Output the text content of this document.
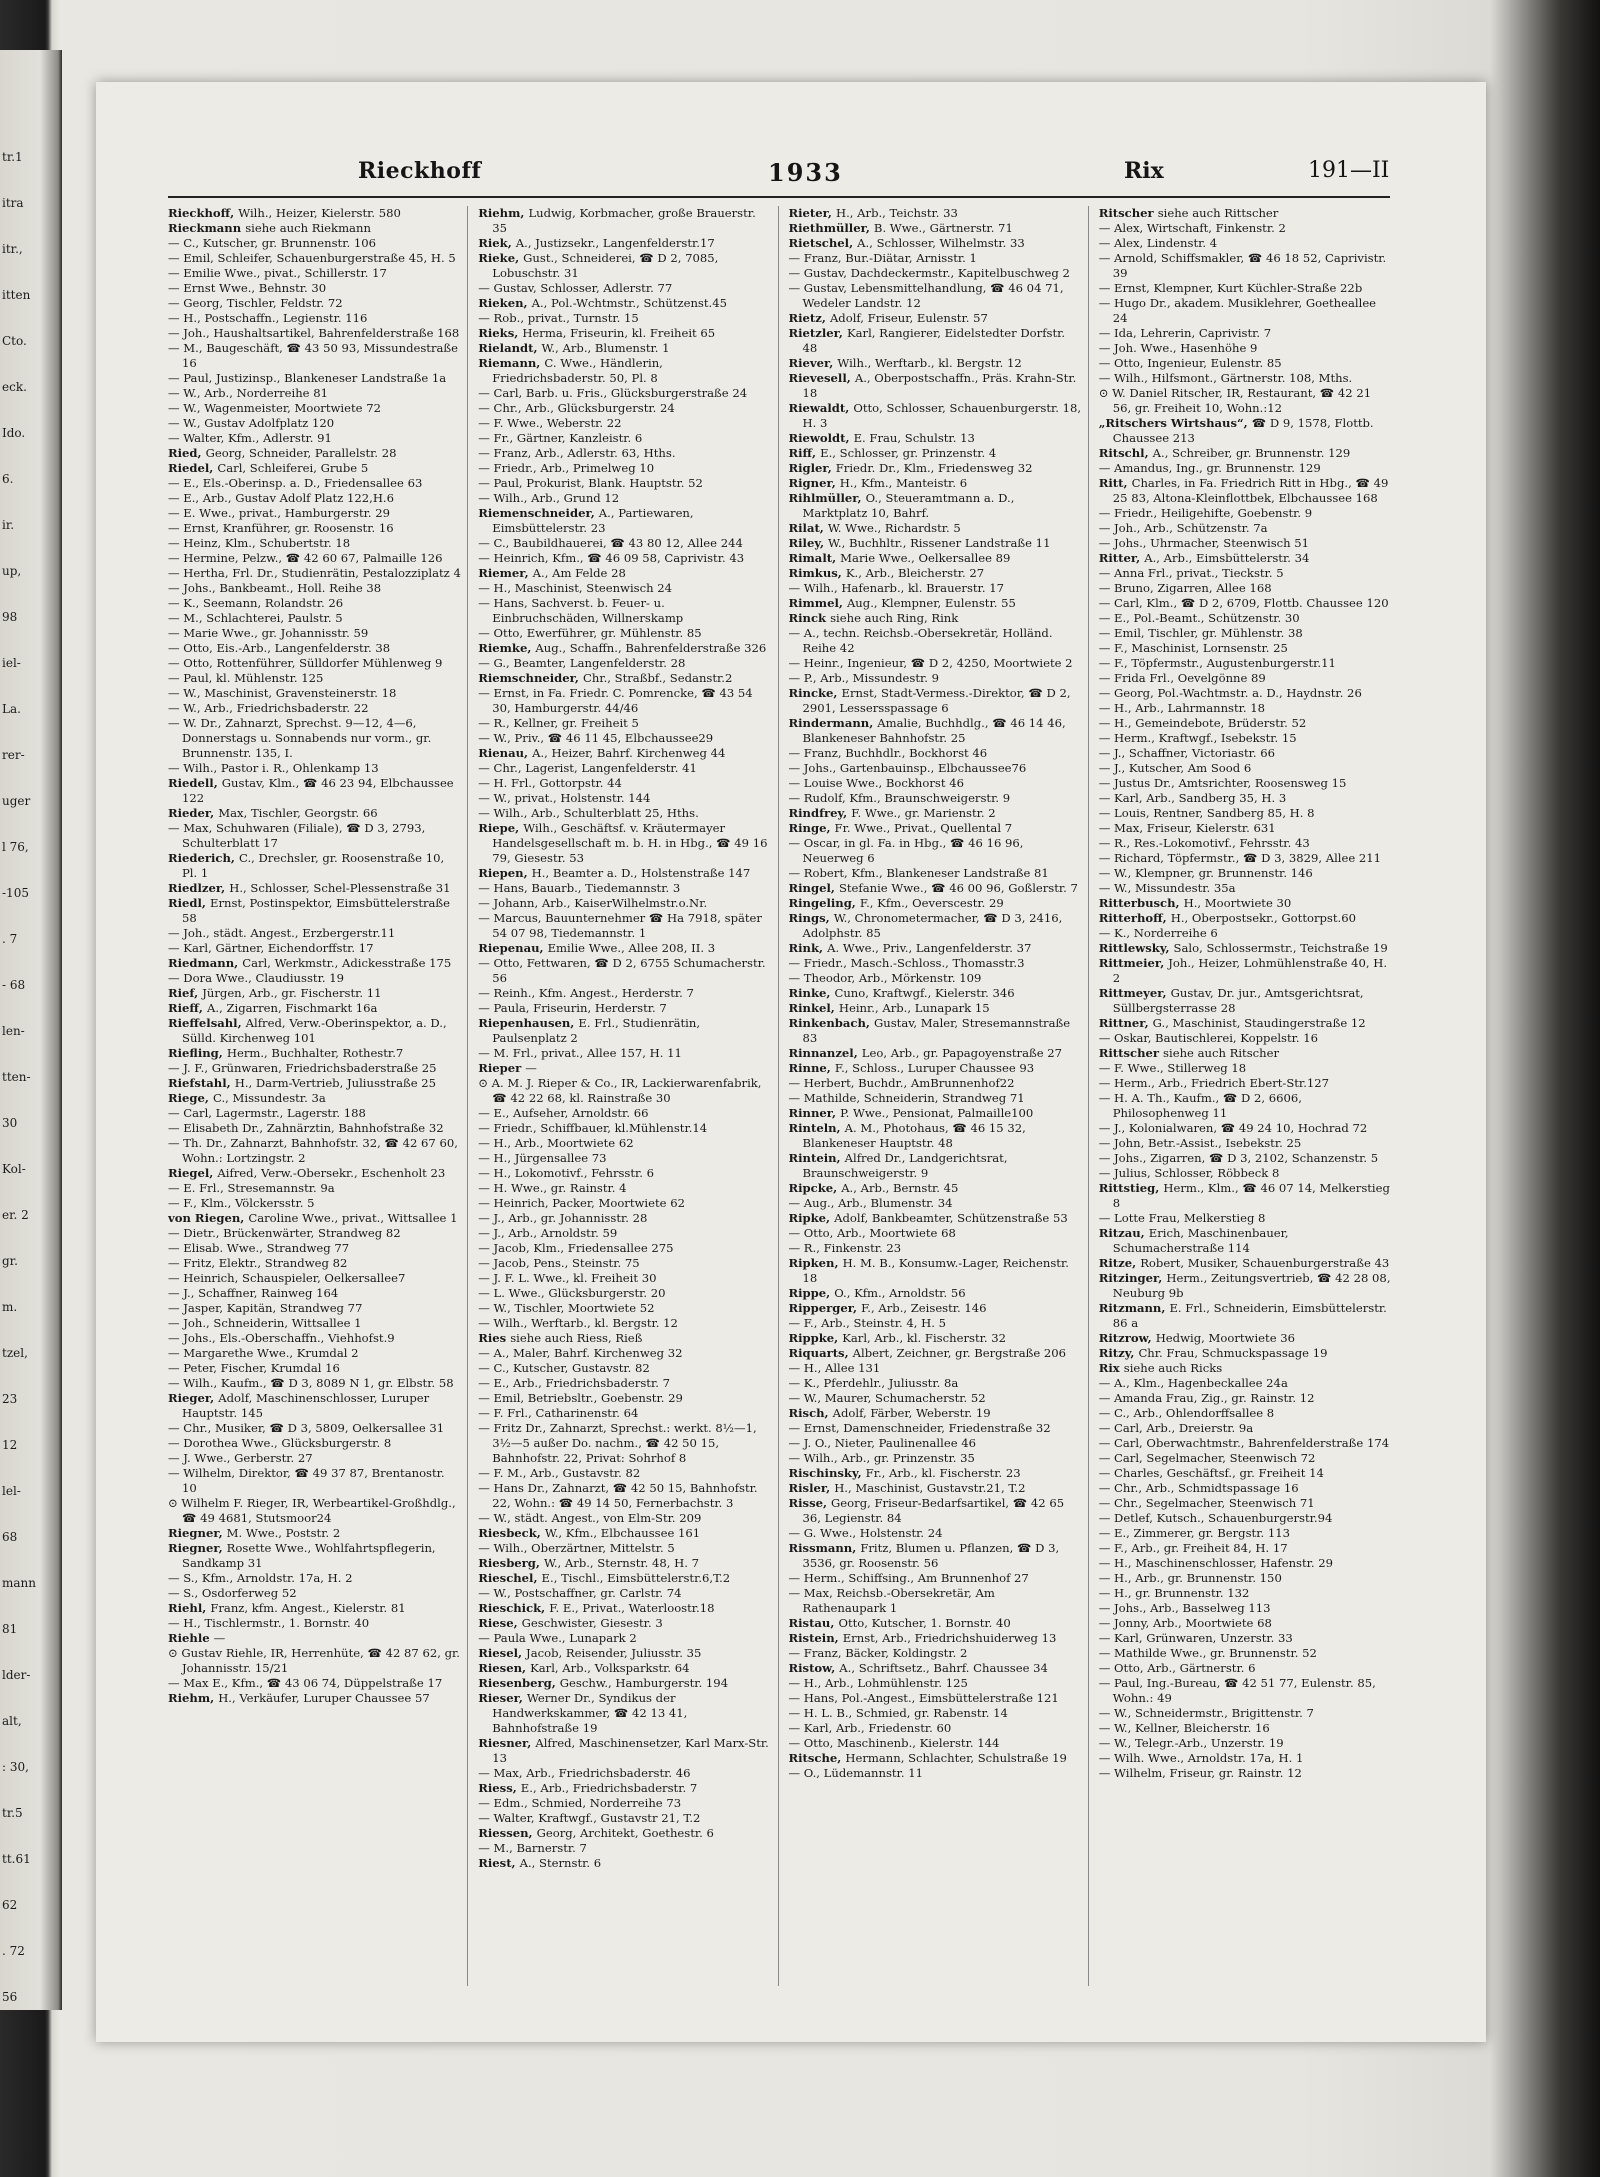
tr.1
itra
itr.,
itten
Cto.
eck.
Ido.
6.
ir.
up,
98
iel-
La.
rer-
uger
l 76,
-105
. 7
- 68
len-
tten-
30
Kol-
er. 2
gr.
m.
tzel,
23
12
lel-
68
mann
81
lder-
alt,
: 30,
tr.5
tt.61
62
. 72
56
Rieckhoff	1933	Rix	191—II

Rieckhoff, Wilh., Heizer, Kielerstr. 580

Rieckmann siehe auch Riekmann

— C., Kutscher, gr. Brunnenstr. 106

— Emil, Schleifer, Schauenburgerstraße 45, H. 5

— Emilie Wwe., pivat., Schillerstr. 17

— Ernst Wwe., Behnstr. 30

— Georg, Tischler, Feldstr. 72

— H., Postschaffn., Legienstr. 116

— Joh., Haushaltsartikel, Bahrenfelderstraße 168

— M., Baugeschäft, ☎ 43 50 93, Missundestraße 16

— Paul, Justizinsp., Blankeneser Landstraße 1a

— W., Arb., Norderreihe 81

— W., Wagenmeister, Moortwiete 72

— W., Gustav Adolfplatz 120

— Walter, Kfm., Adlerstr. 91

Ried, Georg, Schneider, Parallelstr. 28

Riedel, Carl, Schleiferei, Grube 5

— E., Els.-Oberinsp. a. D., Friedensallee 63

— E., Arb., Gustav Adolf Platz 122,H.6

— E. Wwe., privat., Hamburgerstr. 29

— Ernst, Kranführer, gr. Roosenstr. 16

— Heinz, Klm., Schubertstr. 18

— Hermine, Pelzw., ☎ 42 60 67, Palmaille 126

— Hertha, Frl. Dr., Studienrätin, Pestalozziplatz 4

— Johs., Bankbeamt., Holl. Reihe 38

— K., Seemann, Rolandstr. 26

— M., Schlachterei, Paulstr. 5

— Marie Wwe., gr. Johannisstr. 59

— Otto, Eis.-Arb., Langenfelderstr. 38

— Otto, Rottenführer, Sülldorfer Mühlenweg 9

— Paul, kl. Mühlenstr. 125

— W., Maschinist, Gravensteinerstr. 18

— W., Arb., Friedrichsbaderstr. 22

— W. Dr., Zahnarzt, Sprechst. 9—12, 4—6, Donnerstags u. Sonnabends nur vorm., gr. Brunnenstr. 135, I.

— Wilh., Pastor i. R., Ohlenkamp 13

Riedell, Gustav, Klm., ☎ 46 23 94, Elbchaussee 122

Rieder, Max, Tischler, Georgstr. 66

— Max, Schuhwaren (Filiale), ☎ D 3, 2793, Schulterblatt 17

Riederich, C., Drechsler, gr. Roosenstraße 10, Pl. 1

Riedlzer, H., Schlosser, Schel-Plessenstraße 31

Riedl, Ernst, Postinspektor, Eimsbüttelerstraße 58

— Joh., städt. Angest., Erzbergerstr.11

— Karl, Gärtner, Eichendorffstr. 17

Riedmann, Carl, Werkmstr., Adickesstraße 175

— Dora Wwe., Claudiusstr. 19

Rief, Jürgen, Arb., gr. Fischerstr. 11

Rieff, A., Zigarren, Fischmarkt 16a

Rieffelsahl, Alfred, Verw.-Oberinspektor, a. D., Sülld. Kirchenweg 101

Riefling, Herm., Buchhalter, Rothestr.7

— J. F., Grünwaren, Friedrichsbaderstraße 25

Riefstahl, H., Darm-Vertrieb, Juliusstraße 25

Riege, C., Missundestr. 3a

— Carl, Lagermstr., Lagerstr. 188

— Elisabeth Dr., Zahnärztin, Bahnhofstraße 32

— Th. Dr., Zahnarzt, Bahnhofstr. 32, ☎ 42 67 60, Wohn.: Lortzingstr. 2

Riegel, Aifred, Verw.-Obersekr., Eschenholt 23

— E. Frl., Stresemannstr. 9a

— F., Klm., Völckersstr. 5

von Riegen, Caroline Wwe., privat., Wittsallee 1

— Dietr., Brückenwärter, Strandweg 82

— Elisab. Wwe., Strandweg 77

— Fritz, Elektr., Strandweg 82

— Heinrich, Schauspieler, Oelkersallee7

— J., Schaffner, Rainweg 164

— Jasper, Kapitän, Strandweg 77

— Joh., Schneiderin, Wittsallee 1

— Johs., Els.-Oberschaffn., Viehhofst.9

— Margarethe Wwe., Krumdal 2

— Peter, Fischer, Krumdal 16

— Wilh., Kaufm., ☎ D 3, 8089 N 1, gr. Elbstr. 58

Rieger, Adolf, Maschinenschlosser, Luruper Hauptstr. 145

— Chr., Musiker, ☎ D 3, 5809, Oelkersallee 31

— Dorothea Wwe., Glücksburgerstr. 8

— J. Wwe., Gerberstr. 27

— Wilhelm, Direktor, ☎ 49 37 87, Brentanostr. 10

⊙ Wilhelm F. Rieger, IR, Werbeartikel-Großhdlg., ☎ 49 4681, Stutsmoor24

Riegner, M. Wwe., Poststr. 2

Riegner, Rosette Wwe., Wohlfahrtspflegerin, Sandkamp 31

— S., Kfm., Arnoldstr. 17a, H. 2

— S., Osdorferweg 52

Riehl, Franz, kfm. Angest., Kielerstr. 81

— H., Tischlermstr., 1. Bornstr. 40

Riehle —

⊙ Gustav Riehle, IR, Herrenhüte, ☎ 42 87 62, gr. Johannisstr. 15/21

— Max E., Kfm., ☎ 43 06 74, Düppelstraße 17

Riehm, H., Verkäufer, Luruper Chaussee 57

Riehm, Ludwig, Korbmacher, große Brauerstr. 35

Riek, A., Justizsekr., Langenfelderstr.17

Rieke, Gust., Schneiderei, ☎ D 2, 7085, Lobuschstr. 31

— Gustav, Schlosser, Adlerstr. 77

Rieken, A., Pol.-Wchtmstr., Schützenst.45

— Rob., privat., Turnstr. 15

Rieks, Herma, Friseurin, kl. Freiheit 65

Rielandt, W., Arb., Blumenstr. 1

Riemann, C. Wwe., Händlerin, Friedrichsbaderstr. 50, Pl. 8

— Carl, Barb. u. Fris., Glücksburgerstraße 24

— Chr., Arb., Glücksburgerstr. 24

— F. Wwe., Weberstr. 22

— Fr., Gärtner, Kanzleistr. 6

— Franz, Arb., Adlerstr. 63, Hths.

— Friedr., Arb., Primelweg 10

— Paul, Prokurist, Blank. Hauptstr. 52

— Wilh., Arb., Grund 12

Riemenschneider, A., Partiewaren, Eimsbüttelerstr. 23

— C., Baubildhauerei, ☎ 43 80 12, Allee 244

— Heinrich, Kfm., ☎ 46 09 58, Caprivistr. 43

Riemer, A., Am Felde 28

— H., Maschinist, Steenwisch 24

— Hans, Sachverst. b. Feuer- u. Einbruchschäden, Willnerskamp

— Otto, Ewerführer, gr. Mühlenstr. 85

Riemke, Aug., Schaffn., Bahrenfelderstraße 326

— G., Beamter, Langenfelderstr. 28

Riemschneider, Chr., Straßbf., Sedanstr.2

— Ernst, in Fa. Friedr. C. Pomrencke, ☎ 43 54 30, Hamburgerstr. 44/46

— R., Kellner, gr. Freiheit 5

— W., Priv., ☎ 46 11 45, Elbchaussee29

Rienau, A., Heizer, Bahrf. Kirchenweg 44

— Chr., Lagerist, Langenfelderstr. 41

— H. Frl., Gottorpstr. 44

— W., privat., Holstenstr. 144

— Wilh., Arb., Schulterblatt 25, Hths.

Riepe, Wilh., Geschäftsf. v. Kräutermayer Handelsgesellschaft m. b. H. in Hbg., ☎ 49 16 79, Giesestr. 53

Riepen, H., Beamter a. D., Holstenstraße 147

— Hans, Bauarb., Tiedemannstr. 3

— Johann, Arb., KaiserWilhelmstr.o.Nr.

— Marcus, Bauunternehmer ☎ Ha 7918, später 54 07 98, Tiedemannstr. 1

Riepenau, Emilie Wwe., Allee 208, II. 3

— Otto, Fettwaren, ☎ D 2, 6755 Schumacherstr. 56

— Reinh., Kfm. Angest., Herderstr. 7

— Paula, Friseurin, Herderstr. 7

Riepenhausen, E. Frl., Studienrätin, Paulsenplatz 2

— M. Frl., privat., Allee 157, H. 11

Rieper —

⊙ A. M. J. Rieper & Co., IR, Lackierwarenfabrik, ☎ 42 22 68, kl. Rainstraße 30

— E., Aufseher, Arnoldstr. 66

— Friedr., Schiffbauer, kl.Mühlenstr.14

— H., Arb., Moortwiete 62

— H., Jürgensallee 73

— H., Lokomotivf., Fehrsstr. 6

— H. Wwe., gr. Rainstr. 4

— Heinrich, Packer, Moortwiete 62

— J., Arb., gr. Johannisstr. 28

— J., Arb., Arnoldstr. 59

— Jacob, Klm., Friedensallee 275

— Jacob, Pens., Steinstr. 75

— J. F. L. Wwe., kl. Freiheit 30

— L. Wwe., Glücksburgerstr. 20

— W., Tischler, Moortwiete 52

— Wilh., Werftarb., kl. Bergstr. 12

Ries siehe auch Riess, Rieß

— A., Maler, Bahrf. Kirchenweg 32

— C., Kutscher, Gustavstr. 82

— E., Arb., Friedrichsbaderstr. 7

— Emil, Betriebsltr., Goebenstr. 29

— F. Frl., Catharinenstr. 64

— Fritz Dr., Zahnarzt, Sprechst.: werkt. 8½—1, 3½—5 außer Do. nachm., ☎ 42 50 15, Bahnhofstr. 22, Privat: Sohrhof 8

— F. M., Arb., Gustavstr. 82

— Hans Dr., Zahnarzt, ☎ 42 50 15, Bahnhofstr. 22, Wohn.: ☎ 49 14 50, Fernerbachstr. 3

— W., städt. Angest., von Elm-Str. 209

Riesbeck, W., Kfm., Elbchaussee 161

— Wilh., Oberzärtner, Mittelstr. 5

Riesberg, W., Arb., Sternstr. 48, H. 7

Rieschel, E., Tischl., Eimsbüttelerstr.6,T.2

— W., Postschaffner, gr. Carlstr. 74

Rieschick, F. E., Privat., Waterloostr.18

Riese, Geschwister, Giesestr. 3

— Paula Wwe., Lunapark 2

Riesel, Jacob, Reisender, Juliusstr. 35

Riesen, Karl, Arb., Volksparkstr. 64

Riesenberg, Geschw., Hamburgerstr. 194

Rieser, Werner Dr., Syndikus der Handwerkskammer, ☎ 42 13 41, Bahnhofstraße 19

Riesner, Alfred, Maschinensetzer, Karl Marx-Str. 13

— Max, Arb., Friedrichsbaderstr. 46

Riess, E., Arb., Friedrichsbaderstr. 7

— Edm., Schmied, Norderreihe 73

— Walter, Kraftwgf., Gustavstr 21, T.2

Riessen, Georg, Architekt, Goethestr. 6

— M., Barnerstr. 7

Riest, A., Sternstr. 6

Rieter, H., Arb., Teichstr. 33

Riethmüller, B. Wwe., Gärtnerstr. 71

Rietschel, A., Schlosser, Wilhelmstr. 33

— Franz, Bur.-Diätar, Arnisstr. 1

— Gustav, Dachdeckermstr., Kapitelbuschweg 2

— Gustav, Lebensmittelhandlung, ☎ 46 04 71, Wedeler Landstr. 12

Rietz, Adolf, Friseur, Eulenstr. 57

Rietzler, Karl, Rangierer, Eidelstedter Dorfstr. 48

Riever, Wilh., Werftarb., kl. Bergstr. 12

Rievesell, A., Oberpostschaffn., Präs. Krahn-Str. 18

Riewaldt, Otto, Schlosser, Schauenburgerstr. 18, H. 3

Riewoldt, E. Frau, Schulstr. 13

Riff, E., Schlosser, gr. Prinzenstr. 4

Rigler, Friedr. Dr., Klm., Friedensweg 32

Rigner, H., Kfm., Manteistr. 6

Rihlmüller, O., Steueramtmann a. D., Marktplatz 10, Bahrf.

Rilat, W. Wwe., Richardstr. 5

Riley, W., Buchhltr., Rissener Landstraße 11

Rimalt, Marie Wwe., Oelkersallee 89

Rimkus, K., Arb., Bleicherstr. 27

— Wilh., Hafenarb., kl. Brauerstr. 17

Rimmel, Aug., Klempner, Eulenstr. 55

Rinck siehe auch Ring, Rink

— A., techn. Reichsb.-Obersekretär, Holländ. Reihe 42

— Heinr., Ingenieur, ☎ D 2, 4250, Moortwiete 2

— P., Arb., Missundestr. 9

Rincke, Ernst, Stadt-Vermess.-Direktor, ☎ D 2, 2901, Lessersspassage 6

Rindermann, Amalie, Buchhdlg., ☎ 46 14 46, Blankeneser Bahnhofstr. 25

— Franz, Buchhdlr., Bockhorst 46

— Johs., Gartenbauinsp., Elbchaussee76

— Louise Wwe., Bockhorst 46

— Rudolf, Kfm., Braunschweigerstr. 9

Rindfrey, F. Wwe., gr. Marienstr. 2

Ringe, Fr. Wwe., Privat., Quellental 7

— Oscar, in gl. Fa. in Hbg., ☎ 46 16 96, Neuerweg 6

— Robert, Kfm., Blankeneser Landstraße 81

Ringel, Stefanie Wwe., ☎ 46 00 96, Goßlerstr. 7

Ringeling, F., Kfm., Oeverscestr. 29

Rings, W., Chronometermacher, ☎ D 3, 2416, Adolphstr. 85

Rink, A. Wwe., Priv., Langenfelderstr. 37

— Friedr., Masch.-Schloss., Thomasstr.3

— Theodor, Arb., Mörkenstr. 109

Rinke, Cuno, Kraftwgf., Kielerstr. 346

Rinkel, Heinr., Arb., Lunapark 15

Rinkenbach, Gustav, Maler, Stresemannstraße 83

Rinnanzel, Leo, Arb., gr. Papagoyenstraße 27

Rinne, F., Schloss., Luruper Chaussee 93

— Herbert, Buchdr., AmBrunnenhof22

— Mathilde, Schneiderin, Strandweg 71

Rinner, P. Wwe., Pensionat, Palmaille100

Rinteln, A. M., Photohaus, ☎ 46 15 32, Blankeneser Hauptstr. 48

Rintein, Alfred Dr., Landgerichtsrat, Braunschweigerstr. 9

Ripcke, A., Arb., Bernstr. 45

— Aug., Arb., Blumenstr. 34

Ripke, Adolf, Bankbeamter, Schützenstraße 53

— Otto, Arb., Moortwiete 68

— R., Finkenstr. 23

Ripken, H. M. B., Konsumw.-Lager, Reichenstr. 18

Rippe, O., Kfm., Arnoldstr. 56

Ripperger, F., Arb., Zeisestr. 146

— F., Arb., Steinstr. 4, H. 5

Rippke, Karl, Arb., kl. Fischerstr. 32

Riquarts, Albert, Zeichner, gr. Bergstraße 206

— H., Allee 131

— K., Pferdehlr., Juliusstr. 8a

— W., Maurer, Schumacherstr. 52

Risch, Adolf, Färber, Weberstr. 19

— Ernst, Damenschneider, Friedenstraße 32

— J. O., Nieter, Paulinenallee 46

— Wilh., Arb., gr. Prinzenstr. 35

Rischinsky, Fr., Arb., kl. Fischerstr. 23

Risler, H., Maschinist, Gustavstr.21, T.2

Risse, Georg, Friseur-Bedarfsartikel, ☎ 42 65 36, Legienstr. 84

— G. Wwe., Holstenstr. 24

Rissmann, Fritz, Blumen u. Pflanzen, ☎ D 3, 3536, gr. Roosenstr. 56

— Herm., Schiffsing., Am Brunnenhof 27

— Max, Reichsb.-Obersekretär, Am Rathenaupark 1

Ristau, Otto, Kutscher, 1. Bornstr. 40

Ristein, Ernst, Arb., Friedrichshuiderweg 13

— Franz, Bäcker, Koldingstr. 2

Ristow, A., Schriftsetz., Bahrf. Chaussee 34

— H., Arb., Lohmühlenstr. 125

— Hans, Pol.-Angest., Eimsbüttelerstraße 121

— H. L. B., Schmied, gr. Rabenstr. 14

— Karl, Arb., Friedenstr. 60

— Otto, Maschinenb., Kielerstr. 144

Ritsche, Hermann, Schlachter, Schulstraße 19

— O., Lüdemannstr. 11

Ritscher siehe auch Rittscher

— Alex, Wirtschaft, Finkenstr. 2

— Alex, Lindenstr. 4

— Arnold, Schiffsmakler, ☎ 46 18 52, Caprivistr. 39

— Ernst, Klempner, Kurt Küchler-Straße 22b

— Hugo Dr., akadem. Musiklehrer, Goetheallee 24

— Ida, Lehrerin, Caprivistr. 7

— Joh. Wwe., Hasenhöhe 9

— Otto, Ingenieur, Eulenstr. 85

— Wilh., Hilfsmont., Gärtnerstr. 108, Mths.

⊙ W. Daniel Ritscher, IR, Restaurant, ☎ 42 21 56, gr. Freiheit 10, Wohn.:12

„Ritschers Wirtshaus“, ☎ D 9, 1578, Flottb. Chaussee 213

Ritschl, A., Schreiber, gr. Brunnenstr. 129

— Amandus, Ing., gr. Brunnenstr. 129

Ritt, Charles, in Fa. Friedrich Ritt in Hbg., ☎ 49 25 83, Altona-Kleinflottbek, Elbchaussee 168

— Friedr., Heiligehifte, Goebenstr. 9

— Joh., Arb., Schützenstr. 7a

— Johs., Uhrmacher, Steenwisch 51

Ritter, A., Arb., Eimsbüttelerstr. 34

— Anna Frl., privat., Tieckstr. 5

— Bruno, Zigarren, Allee 168

— Carl, Klm., ☎ D 2, 6709, Flottb. Chaussee 120

— E., Pol.-Beamt., Schützenstr. 30

— Emil, Tischler, gr. Mühlenstr. 38

— F., Maschinist, Lornsenstr. 25

— F., Töpfermstr., Augustenburgerstr.11

— Frida Frl., Oevelgönne 89

— Georg, Pol.-Wachtmstr. a. D., Haydnstr. 26

— H., Arb., Lahrmannstr. 18

— H., Gemeindebote, Brüderstr. 52

— Herm., Kraftwgf., Isebekstr. 15

— J., Schaffner, Victoriastr. 66

— J., Kutscher, Am Sood 6

— Justus Dr., Amtsrichter, Roosensweg 15

— Karl, Arb., Sandberg 35, H. 3

— Louis, Rentner, Sandberg 85, H. 8

— Max, Friseur, Kielerstr. 631

— R., Res.-Lokomotivf., Fehrsstr. 43

— Richard, Töpfermstr., ☎ D 3, 3829, Allee 211

— W., Klempner, gr. Brunnenstr. 146

— W., Missundestr. 35a

Ritterbusch, H., Moortwiete 30

Ritterhoff, H., Oberpostsekr., Gottorpst.60

— K., Norderreihe 6

Rittlewsky, Salo, Schlossermstr., Teichstraße 19

Rittmeier, Joh., Heizer, Lohmühlenstraße 40, H. 2

Rittmeyer, Gustav, Dr. jur., Amtsgerichtsrat, Süllbergsterrasse 28

Rittner, G., Maschinist, Staudingerstraße 12

— Oskar, Bautischlerei, Koppelstr. 16

Rittscher siehe auch Ritscher

— F. Wwe., Stillerweg 18

— Herm., Arb., Friedrich Ebert-Str.127

— H. A. Th., Kaufm., ☎ D 2, 6606, Philosophenweg 11

— J., Kolonialwaren, ☎ 49 24 10, Hochrad 72

— John, Betr.-Assist., Isebekstr. 25

— Johs., Zigarren, ☎ D 3, 2102, Schanzenstr. 5

— Julius, Schlosser, Röbbeck 8

Rittstieg, Herm., Klm., ☎ 46 07 14, Melkerstieg 8

— Lotte Frau, Melkerstieg 8

Ritzau, Erich, Maschinenbauer, Schumacherstraße 114

Ritze, Robert, Musiker, Schauenburgerstraße 43

Ritzinger, Herm., Zeitungsvertrieb, ☎ 42 28 08, Neuburg 9b

Ritzmann, E. Frl., Schneiderin, Eimsbüttelerstr. 86 a

Ritzrow, Hedwig, Moortwiete 36

Ritzy, Chr. Frau, Schmuckspassage 19

Rix siehe auch Ricks

— A., Klm., Hagenbeckallee 24a

— Amanda Frau, Zig., gr. Rainstr. 12

— C., Arb., Ohlendorffsallee 8

— Carl, Arb., Dreierstr. 9a

— Carl, Oberwachtmstr., Bahrenfelderstraße 174

— Carl, Segelmacher, Steenwisch 72

— Charles, Geschäftsf., gr. Freiheit 14

— Chr., Arb., Schmidtspassage 16

— Chr., Segelmacher, Steenwisch 71

— Detlef, Kutsch., Schauenburgerstr.94

— E., Zimmerer, gr. Bergstr. 113

— F., Arb., gr. Freiheit 84, H. 17

— H., Maschinenschlosser, Hafenstr. 29

— H., Arb., gr. Brunnenstr. 150

— H., gr. Brunnenstr. 132

— Johs., Arb., Basselweg 113

— Jonny, Arb., Moortwiete 68

— Karl, Grünwaren, Unzerstr. 33

— Mathilde Wwe., gr. Brunnenstr. 52

— Otto, Arb., Gärtnerstr. 6

— Paul, Ing.-Bureau, ☎ 42 51 77, Eulenstr. 85, Wohn.: 49

— W., Schneidermstr., Brigittenstr. 7

— W., Kellner, Bleicherstr. 16

— W., Telegr.-Arb., Unzerstr. 19

— Wilh. Wwe., Arnoldstr. 17a, H. 1

— Wilhelm, Friseur, gr. Rainstr. 12
